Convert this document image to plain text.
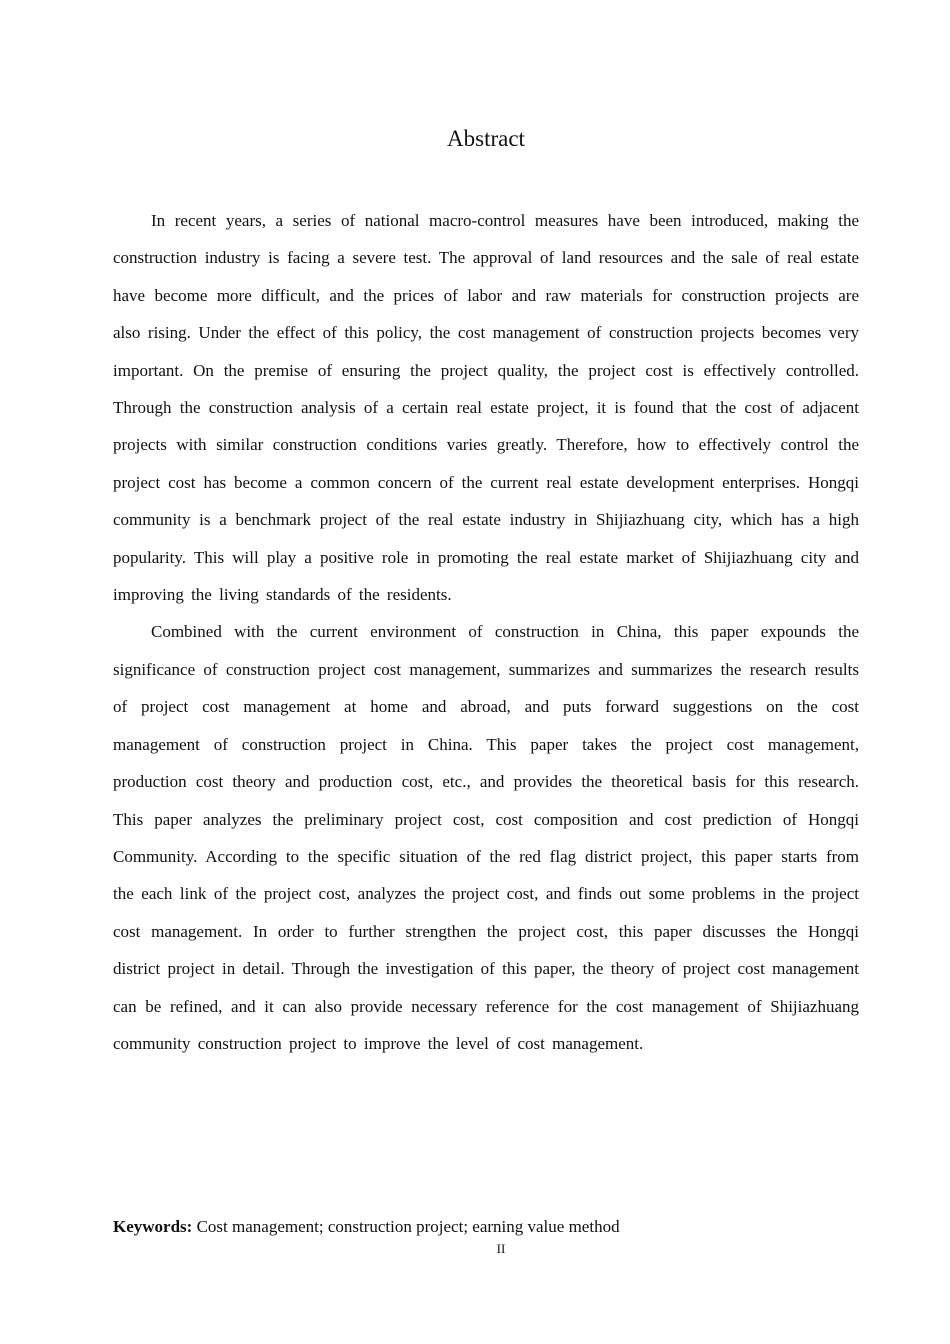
Abstract

In recent years, a series of national macro-control measures have been introduced, making the construction industry is facing a severe test. The approval of land resources and the sale of real estate have become more difficult, and the prices of labor and raw materials for construction projects are also rising. Under the effect of this policy, the cost management of construction projects becomes very important. On the premise of ensuring the project quality, the project cost is effectively controlled. Through the construction analysis of a certain real estate project, it is found that the cost of adjacent projects with similar construction conditions varies greatly. Therefore, how to effectively control the project cost has become a common concern of the current real estate development enterprises. Hongqi community is a benchmark project of the real estate industry in Shijiazhuang city, which has a high popularity. This will play a positive role in promoting the real estate market of Shijiazhuang city and improving the living standards of the residents.

Combined with the current environment of construction in China, this paper expounds the significance of construction project cost management, summarizes and summarizes the research results of project cost management at home and abroad, and puts forward suggestions on the cost management of construction project in China. This paper takes the project cost management, production cost theory and production cost, etc., and provides the theoretical basis for this research. This paper analyzes the preliminary project cost, cost composition and cost prediction of Hongqi Community. According to the specific situation of the red flag district project, this paper starts from the each link of the project cost, analyzes the project cost, and finds out some problems in the project cost management. In order to further strengthen the project cost, this paper discusses the Hongqi district project in detail. Through the investigation of this paper, the theory of project cost management can be refined, and it can also provide necessary reference for the cost management of Shijiazhuang community construction project to improve the level of cost management.

Keywords: Cost management; construction project; earning value method

II
